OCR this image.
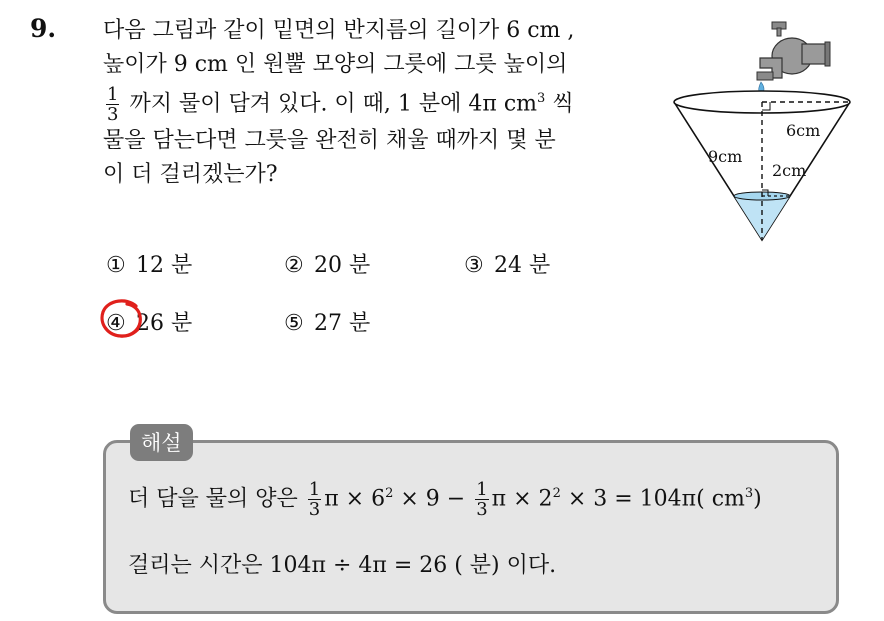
9. 다음 그림과 같이 밑면의 반지름의 길이가 6 cm ,
높이가 9 cm 인 원뿔 모양의 그릇에 그릇 높이의
$\frac{1}{3}$ 까지 물이 담겨 있다. 이 때, 1 분에 4π $cm^3$ 씩
물을 담는다면 그릇을 완전히 채울 때까지 몇 분
이 더 걸리겠는가?
6cm
9cm
2cm
① 12 분	② 20 분	③ 24 분
④ 26 분	⑤ 27 분
해설
더 담을 물의 양은 $\frac{1}{3}$ $\pi \times 6^2 \times 9 - \frac{1}{3}$ $\pi \times 2^2 \times 3 = 104\pi$( $cm^3$)
걸리는 시간은 104π ÷ 4π = 26 ( 분) 이다.
